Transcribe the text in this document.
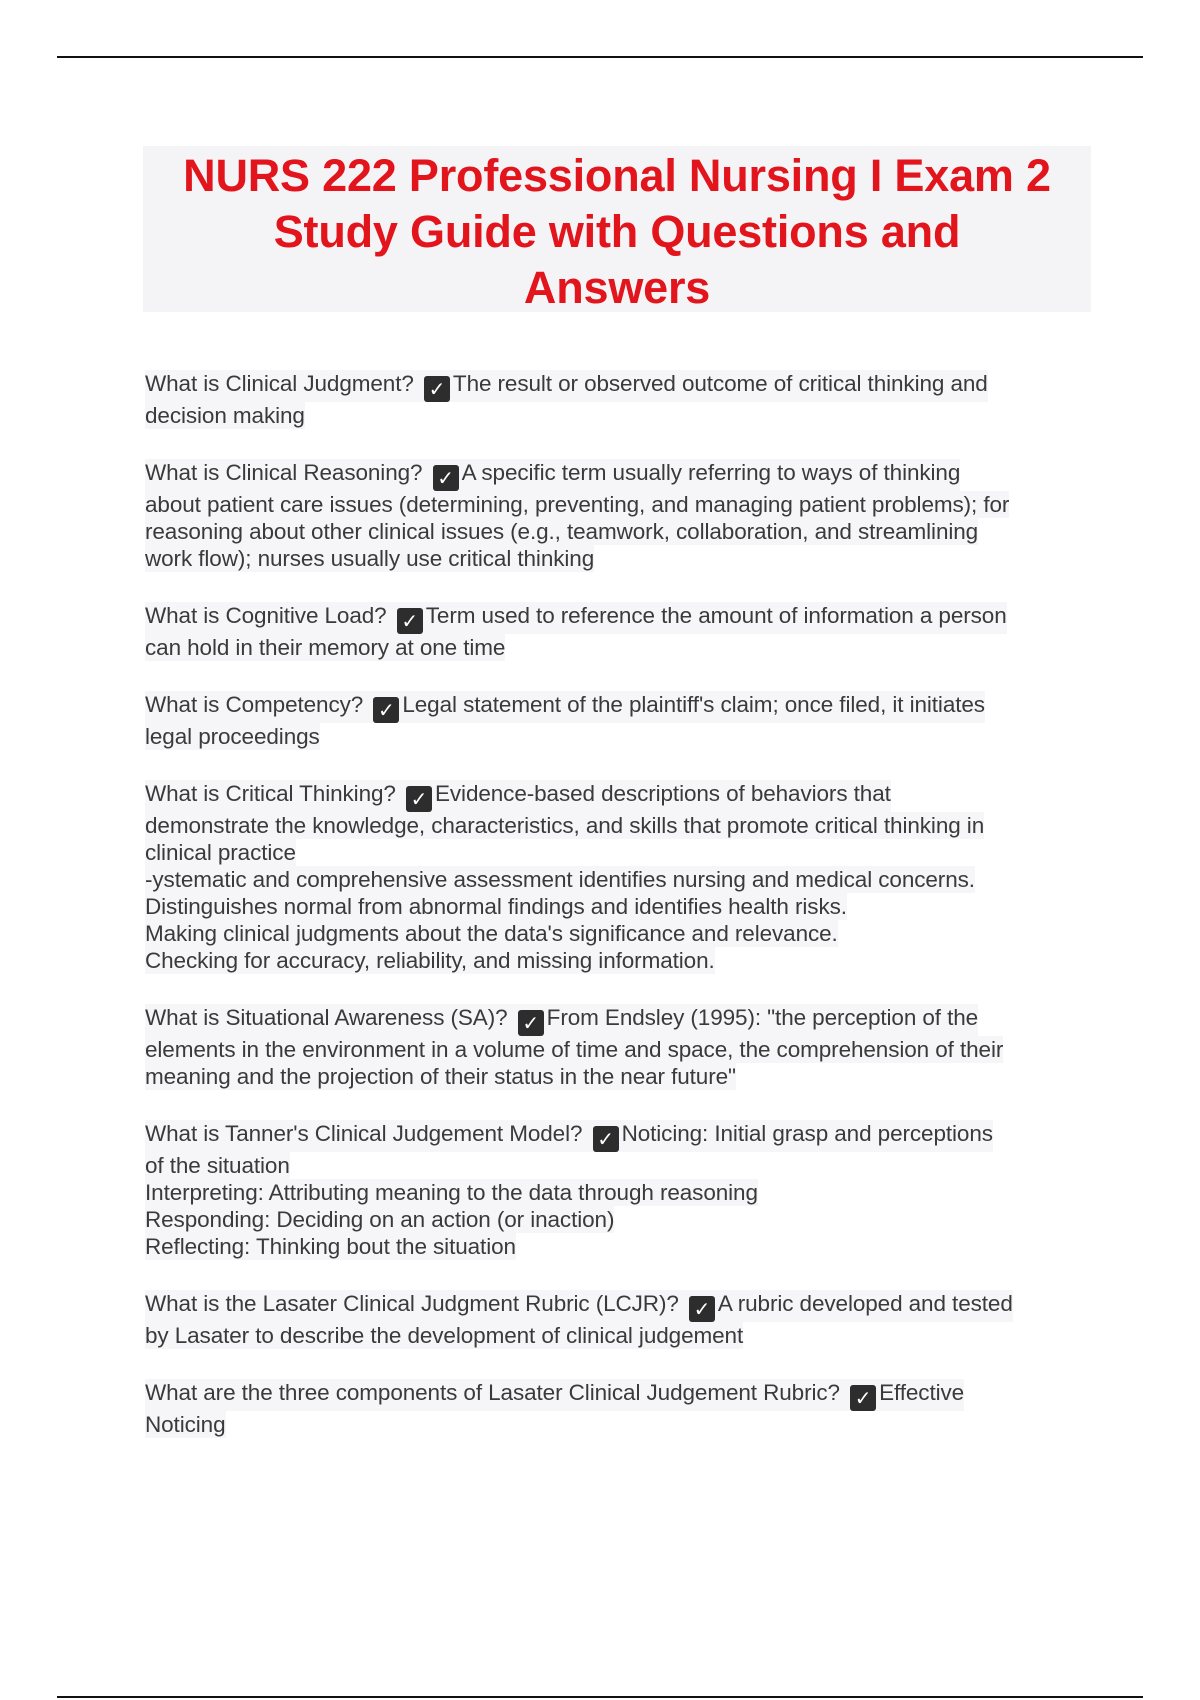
NURS 222 Professional Nursing I Exam 2
Study Guide with Questions and
Answers
What is Clinical Judgment? ✓ The result or observed outcome of critical thinking and
decision making
What is Clinical Reasoning? ✓ A specific term usually referring to ways of thinking
about patient care issues (determining, preventing, and managing patient problems); for
reasoning about other clinical issues (e.g., teamwork, collaboration, and streamlining
work flow); nurses usually use critical thinking
What is Cognitive Load? ✓ Term used to reference the amount of information a person
can hold in their memory at one time
What is Competency? ✓ Legal statement of the plaintiff's claim; once filed, it initiates
legal proceedings
What is Critical Thinking? ✓ Evidence-based descriptions of behaviors that
demonstrate the knowledge, characteristics, and skills that promote critical thinking in
clinical practice
-ystematic and comprehensive assessment identifies nursing and medical concerns.
Distinguishes normal from abnormal findings and identifies health risks.
Making clinical judgments about the data's significance and relevance.
Checking for accuracy, reliability, and missing information.
What is Situational Awareness (SA)? ✓ From Endsley (1995): "the perception of the
elements in the environment in a volume of time and space, the comprehension of their
meaning and the projection of their status in the near future"
What is Tanner's Clinical Judgement Model? ✓ Noticing: Initial grasp and perceptions
of the situation
Interpreting: Attributing meaning to the data through reasoning
Responding: Deciding on an action (or inaction)
Reflecting: Thinking bout the situation
What is the Lasater Clinical Judgment Rubric (LCJR)? ✓ A rubric developed and tested
by Lasater to describe the development of clinical judgement
What are the three components of Lasater Clinical Judgement Rubric? ✓ Effective
Noticing
